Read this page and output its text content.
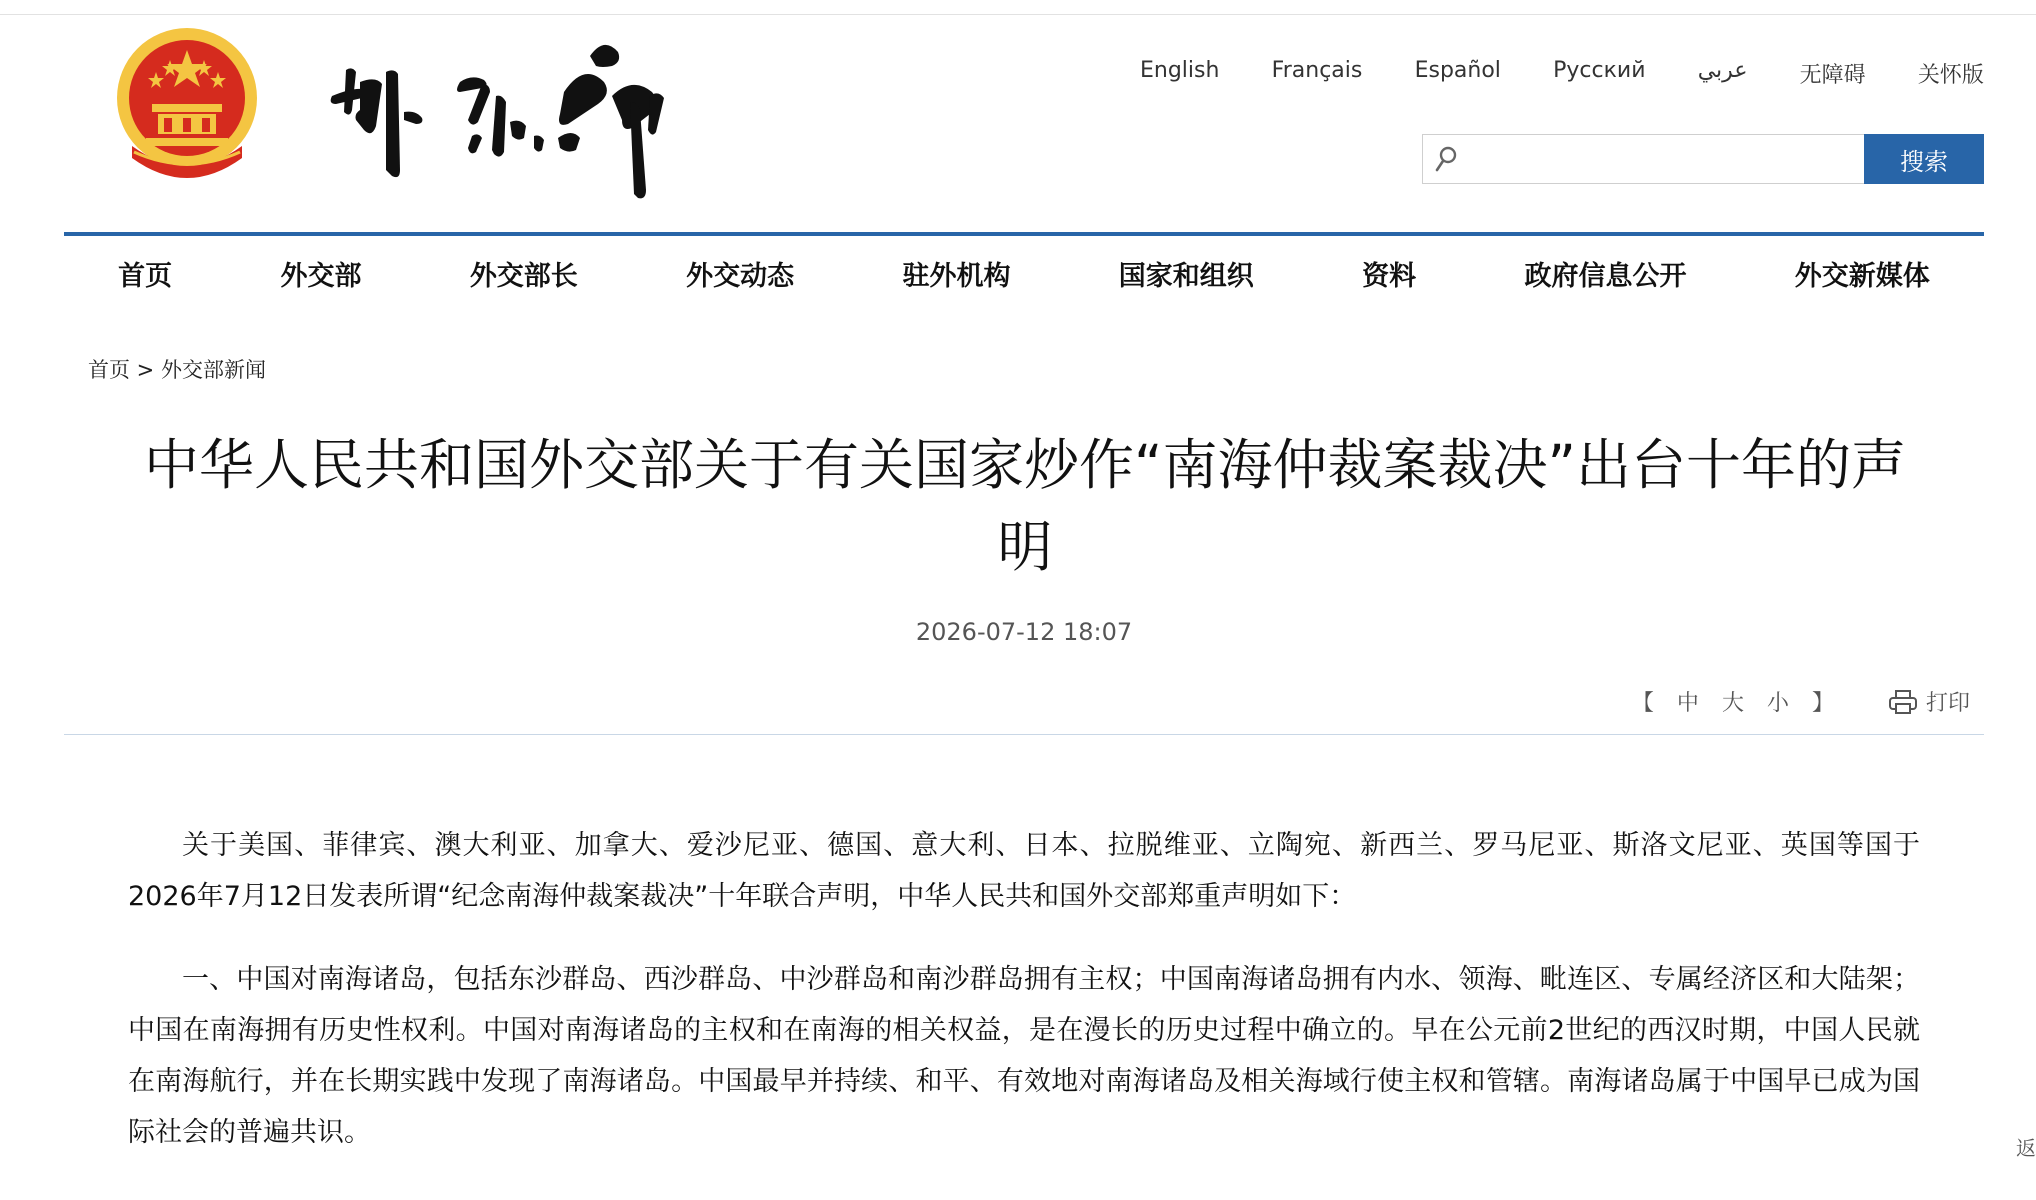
English Français Español Русский عربي 无障碍 关怀版
搜索
首页	外交部	外交部长	外交动态	驻外机构	国家和组织	资料	政府信息公开	外交新媒体
首页 > 外交部新闻
中华人民共和国外交部关于有关国家炒作“南海仲裁案裁决”出台十年的声明
2026-07-12 18:07
【 中 大 小 】	打印

关于美国、菲律宾、澳大利亚、加拿大、爱沙尼亚、德国、意大利、日本、拉脱维亚、立陶宛、新西兰、罗马尼亚、斯洛文尼亚、英国等国于2026年7月12日发表所谓“纪念南海仲裁案裁决”十年联合声明，中华人民共和国外交部郑重声明如下：

一、中国对南海诸岛，包括东沙群岛、西沙群岛、中沙群岛和南沙群岛拥有主权；中国南海诸岛拥有内水、领海、毗连区、专属经济区和大陆架；中国在南海拥有历史性权利。中国对南海诸岛的主权和在南海的相关权益，是在漫长的历史过程中确立的。早在公元前2世纪的西汉时期，中国人民就在南海航行，并在长期实践中发现了南海诸岛。中国最早并持续、和平、有效地对南海诸岛及相关海域行使主权和管辖。南海诸岛属于中国早已成为国际社会的普遍共识。	返
